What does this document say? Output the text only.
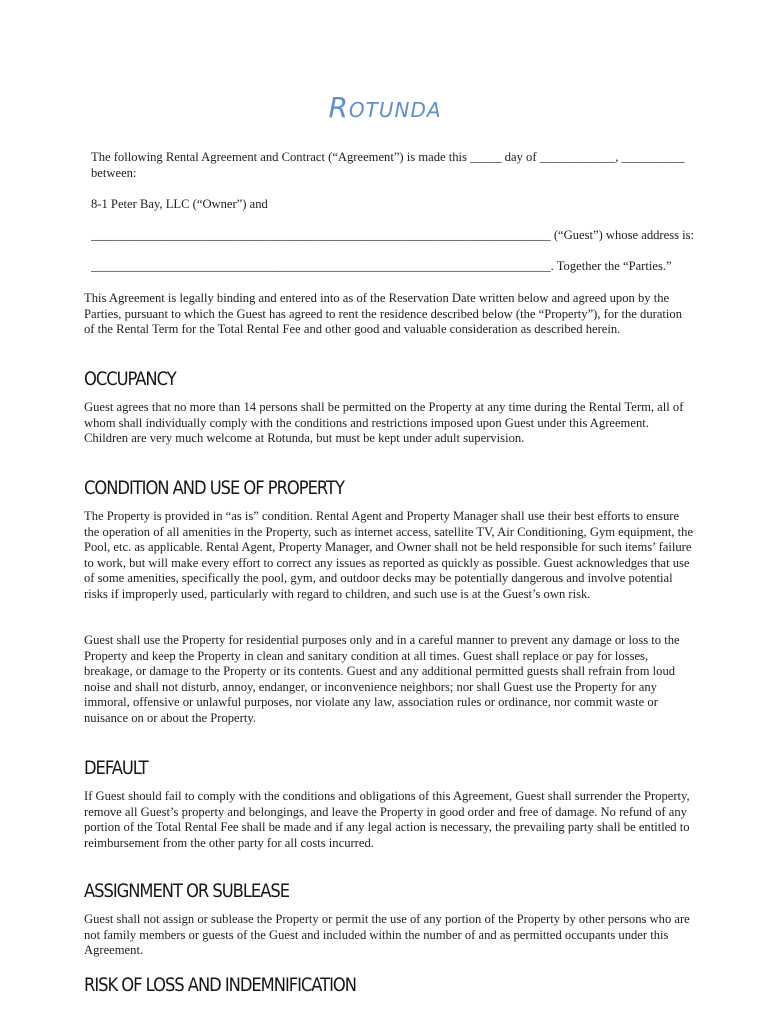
Rotunda

The following Rental Agreement and Contract (“Agreement”) is made this _____ day of ____________, __________ between:

8-1 Peter Bay, LLC (“Owner”) and

_________________________________________________________________________ (“Guest”) whose address is:

_________________________________________________________________________. Together the “Parties.”

This Agreement is legally binding and entered into as of the Reservation Date written below and agreed upon by the Parties, pursuant to which the Guest has agreed to rent the residence described below (the “Property”), for the duration of the Rental Term for the Total Rental Fee and other good and valuable consideration as described herein.

OCCUPANCY

Guest agrees that no more than 14 persons shall be permitted on the Property at any time during the Rental Term, all of whom shall individually comply with the conditions and restrictions imposed upon Guest under this Agreement. Children are very much welcome at Rotunda, but must be kept under adult supervision.

CONDITION AND USE OF PROPERTY

The Property is provided in “as is” condition. Rental Agent and Property Manager shall use their best efforts to ensure the operation of all amenities in the Property, such as internet access, satellite TV, Air Conditioning, Gym equipment, the Pool, etc. as applicable. Rental Agent, Property Manager, and Owner shall not be held responsible for such items’ failure to work, but will make every effort to correct any issues as reported as quickly as possible. Guest acknowledges that use of some amenities, specifically the pool, gym, and outdoor decks may be potentially dangerous and involve potential risks if improperly used, particularly with regard to children, and such use is at the Guest’s own risk.

Guest shall use the Property for residential purposes only and in a careful manner to prevent any damage or loss to the Property and keep the Property in clean and sanitary condition at all times. Guest shall replace or pay for losses, breakage, or damage to the Property or its contents. Guest and any additional permitted guests shall refrain from loud noise and shall not disturb, annoy, endanger, or inconvenience neighbors; nor shall Guest use the Property for any immoral, offensive or unlawful purposes, nor violate any law, association rules or ordinance, nor commit waste or nuisance on or about the Property.

DEFAULT

If Guest should fail to comply with the conditions and obligations of this Agreement, Guest shall surrender the Property, remove all Guest’s property and belongings, and leave the Property in good order and free of damage. No refund of any portion of the Total Rental Fee shall be made and if any legal action is necessary, the prevailing party shall be entitled to reimbursement from the other party for all costs incurred.

ASSIGNMENT OR SUBLEASE

Guest shall not assign or sublease the Property or permit the use of any portion of the Property by other persons who are not family members or guests of the Guest and included within the number of and as permitted occupants under this Agreement.

RISK OF LOSS AND INDEMNIFICATION
